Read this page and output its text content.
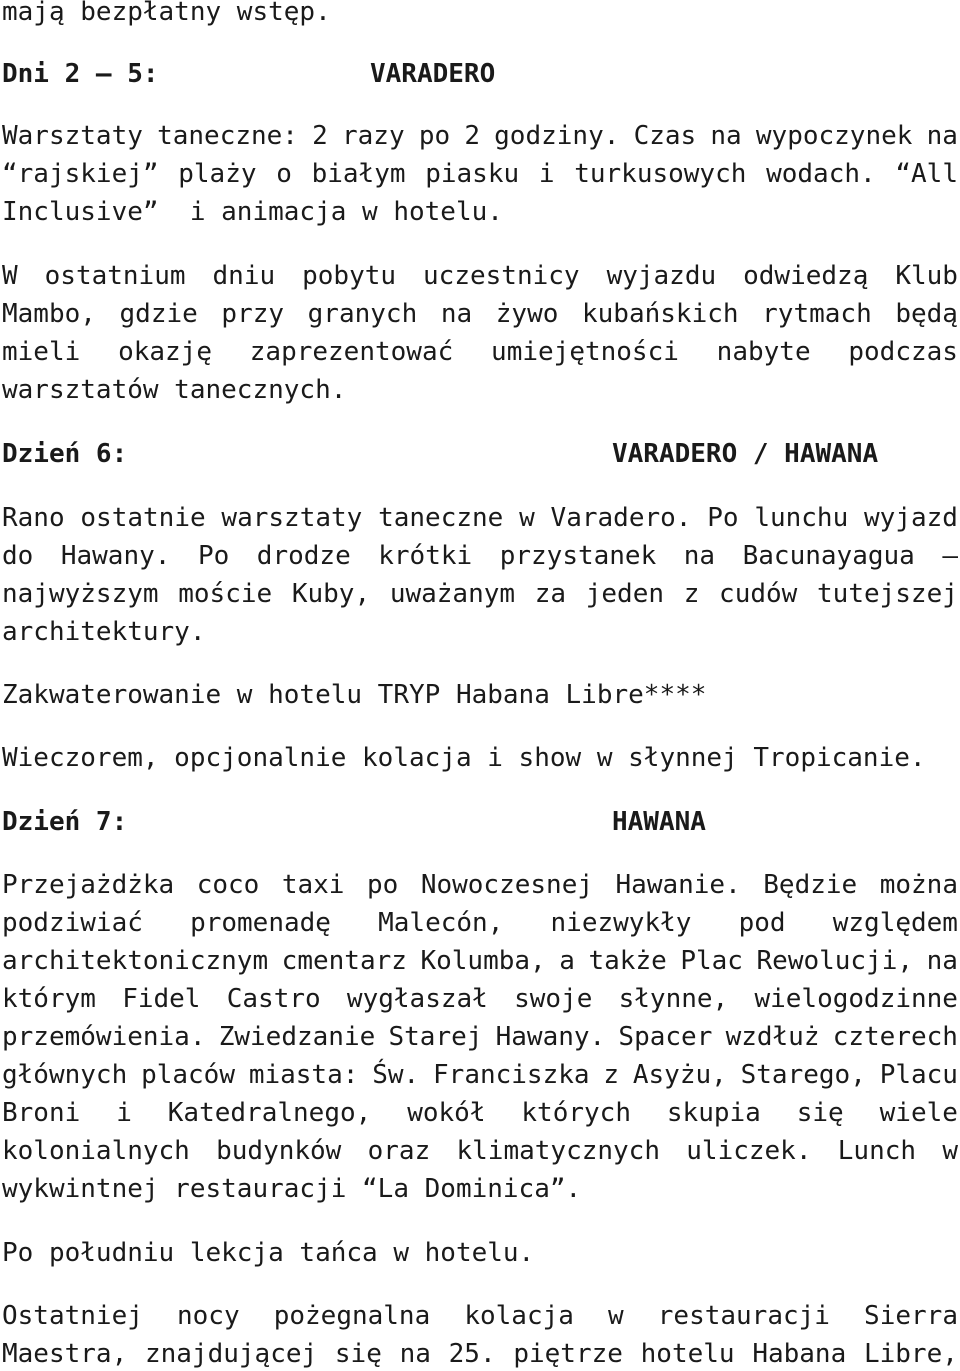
mają bezpłatny wstęp.
Dni 2 – 5:	VARADERO
Warsztaty taneczne: 2 razy po 2 godziny. Czas na wypoczynek na
“rajskiej” plaży o białym piasku i turkusowych wodach. “All
Inclusive”  i animacja w hotelu.
W ostatnium dniu pobytu uczestnicy wyjazdu odwiedzą Klub
Mambo, gdzie przy granych na żywo kubańskich rytmach będą
mieli okazję zaprezentować umiejętności nabyte podczas
warsztatów tanecznych.
Dzień 6:	VARADERO / HAWANA
Rano ostatnie warsztaty taneczne w Varadero. Po lunchu wyjazd
do Hawany. Po drodze krótki przystanek na Bacunayagua –
najwyższym moście Kuby, uważanym za jeden z cudów tutejszej
architektury.
Zakwaterowanie w hotelu TRYP Habana Libre****
Wieczorem, opcjonalnie kolacja i show w słynnej Tropicanie.
Dzień 7:	HAWANA
Przejażdżka coco taxi po Nowoczesnej Hawanie. Będzie można
podziwiać promenadę Malecón, niezwykły pod względem
architektonicznym cmentarz Kolumba, a także Plac Rewolucji, na
którym Fidel Castro wygłaszał swoje słynne, wielogodzinne
przemówienia. Zwiedzanie Starej Hawany. Spacer wzdłuż czterech
głównych placów miasta: Św. Franciszka z Asyżu, Starego, Placu
Broni i Katedralnego, wokół których skupia się wiele
kolonialnych budynków oraz klimatycznych uliczek. Lunch w
wykwintnej restauracji “La Dominica”.
Po południu lekcja tańca w hotelu.
Ostatniej nocy pożegnalna kolacja w restauracji Sierra
Maestra, znajdującej się na 25. piętrze hotelu Habana Libre,
